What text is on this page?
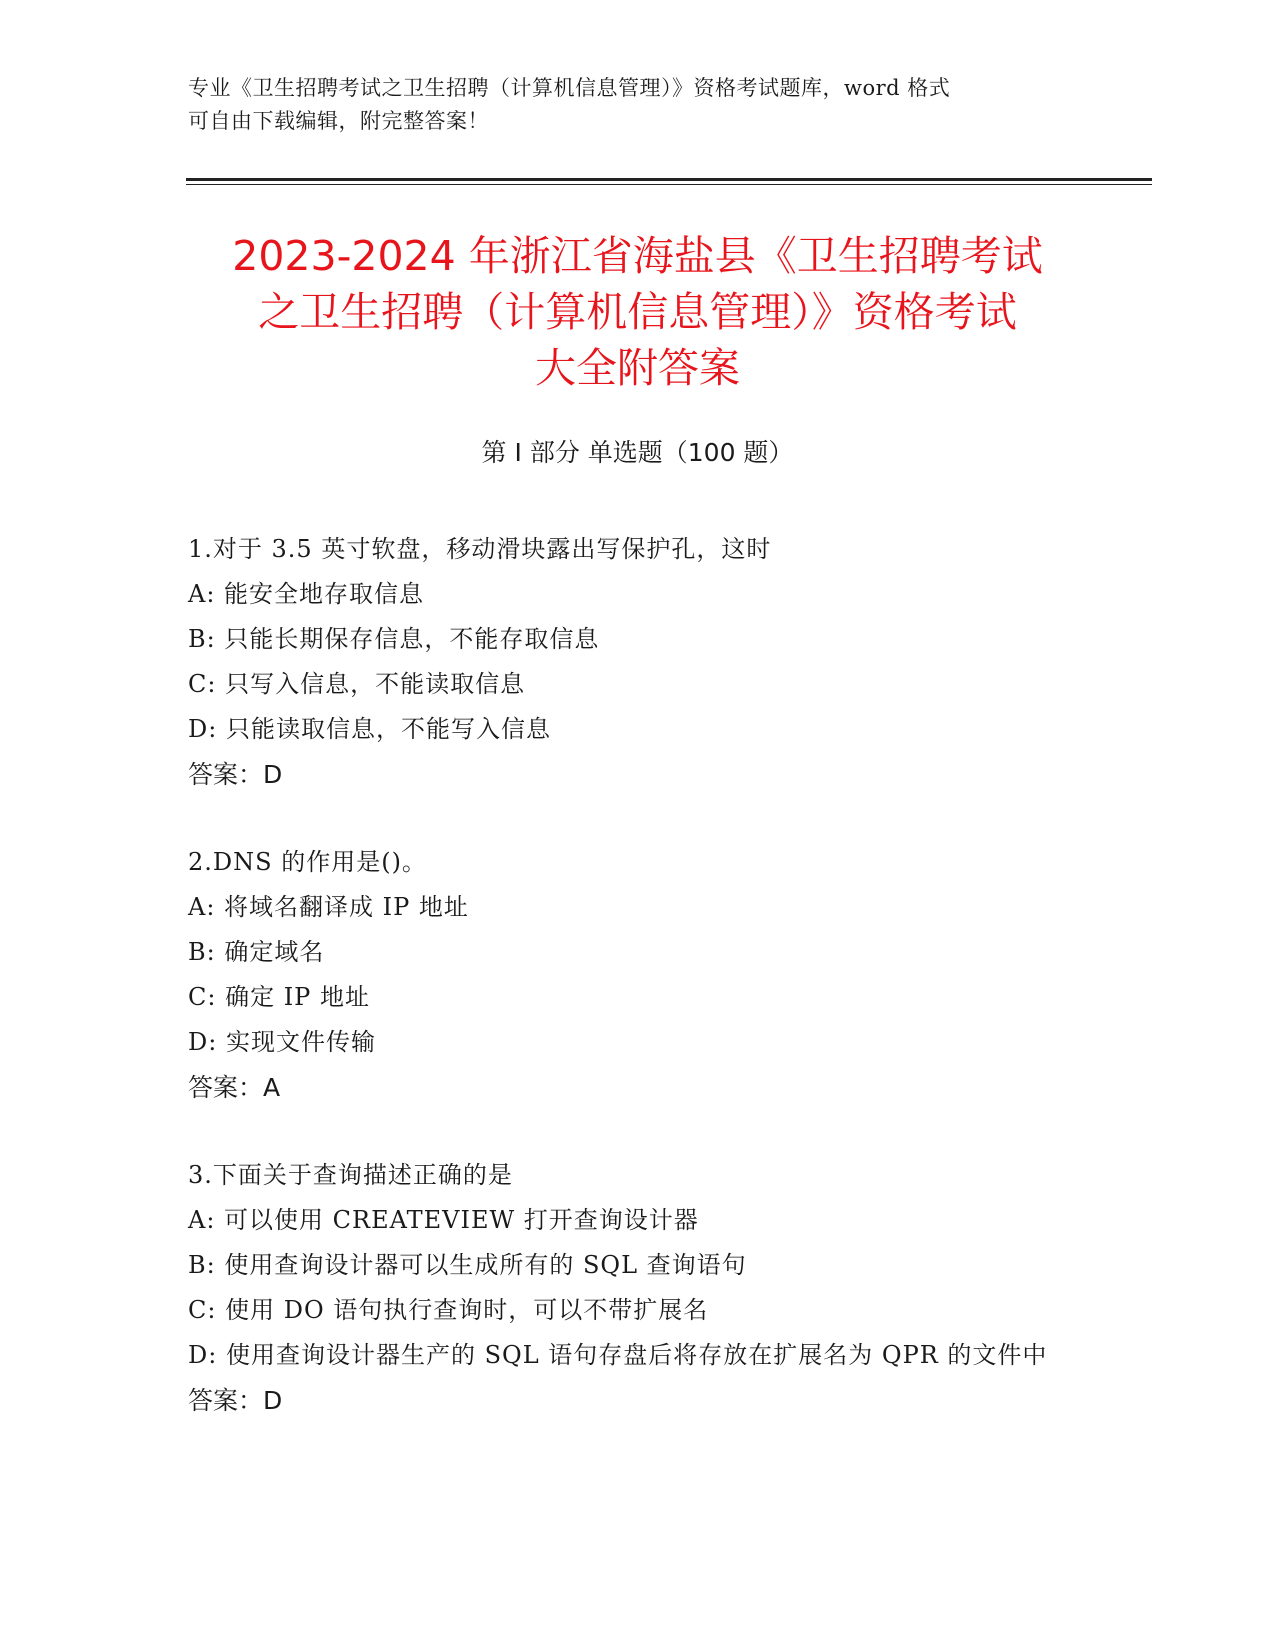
专业《卫生招聘考试之卫生招聘（计算机信息管理）》资格考试题库，word 格式
可自由下载编辑，附完整答案！
2023-2024 年浙江省海盐县《卫生招聘考试
之卫生招聘（计算机信息管理）》资格考试
大全附答案
第 I 部分 单选题（100 题）
1.对于 3.5 英寸软盘，移动滑块露出写保护孔，这时
A: 能安全地存取信息
B: 只能长期保存信息，不能存取信息
C: 只写入信息，不能读取信息
D: 只能读取信息，不能写入信息
答案：D
2.DNS 的作用是()。
A: 将域名翻译成 IP 地址
B: 确定域名
C: 确定 IP 地址
D: 实现文件传输
答案：A
3.下面关于查询描述正确的是
A: 可以使用 CREATEVIEW 打开查询设计器
B: 使用查询设计器可以生成所有的 SQL 查询语句
C: 使用 DO 语句执行查询时，可以不带扩展名
D: 使用查询设计器生产的 SQL 语句存盘后将存放在扩展名为 QPR 的文件中
答案：D
